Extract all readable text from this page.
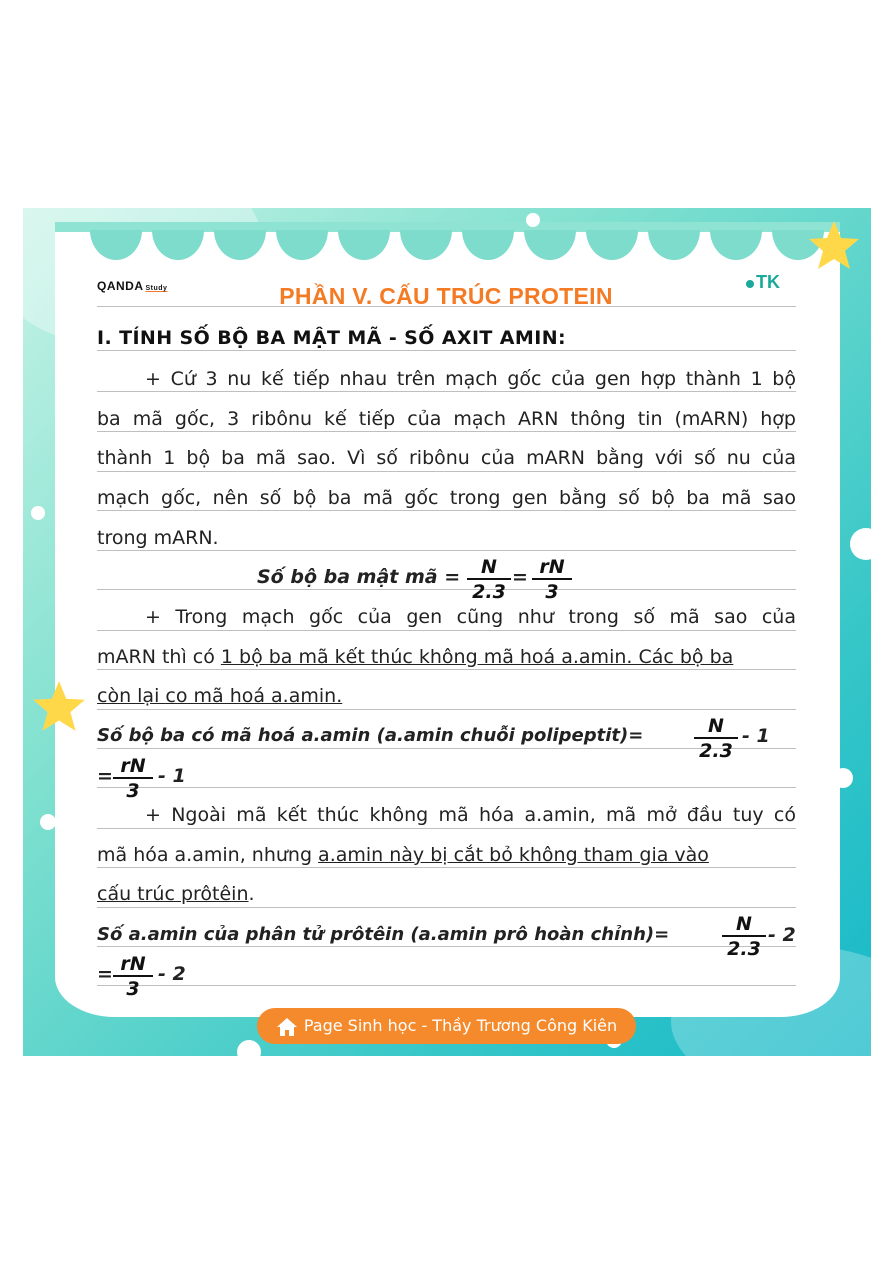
QANDA Study	TK
PHẦN V. CẤU TRÚC PROTEIN
I. TÍNH SỐ BỘ BA MẬT MÃ - SỐ AXIT AMIN:
+ Cứ 3 nu kế tiếp nhau trên mạch gốc của gen hợp thành 1 bộ
ba mã gốc, 3 ribônu kế tiếp của mạch ARN thông tin (mARN) hợp
thành 1 bộ ba mã sao. Vì số ribônu của mARN bằng với số nu của
mạch gốc, nên số bộ ba mã gốc trong gen bằng số bộ ba mã sao
trong mARN.
Số bộ ba mật mã = $\frac{N}{2.3} = \frac{rN}{3}$
+ Trong mạch gốc của gen cũng như trong số mã sao của
mARN thì có 1 bộ ba mã kết thúc không mã hoá a.amin. Các bộ ba
còn lại co mã hoá a.amin.
Số bộ ba có mã hoá a.amin (a.amin chuỗi polipeptit)=	$\frac{N}{2.3} - 1$
= $\frac{rN}{3} - 1$
+ Ngoài mã kết thúc không mã hóa a.amin, mã mở đầu tuy có
mã hóa a.amin, nhưng a.amin này bị cắt bỏ không tham gia vào
cấu trúc prôtêin.
Số a.amin của phân tử prôtêin (a.amin prô hoàn chỉnh)=	$\frac{N}{2.3} - 2$
= $\frac{rN}{3} - 2$
Page Sinh học - Thầy Trương Công Kiên
